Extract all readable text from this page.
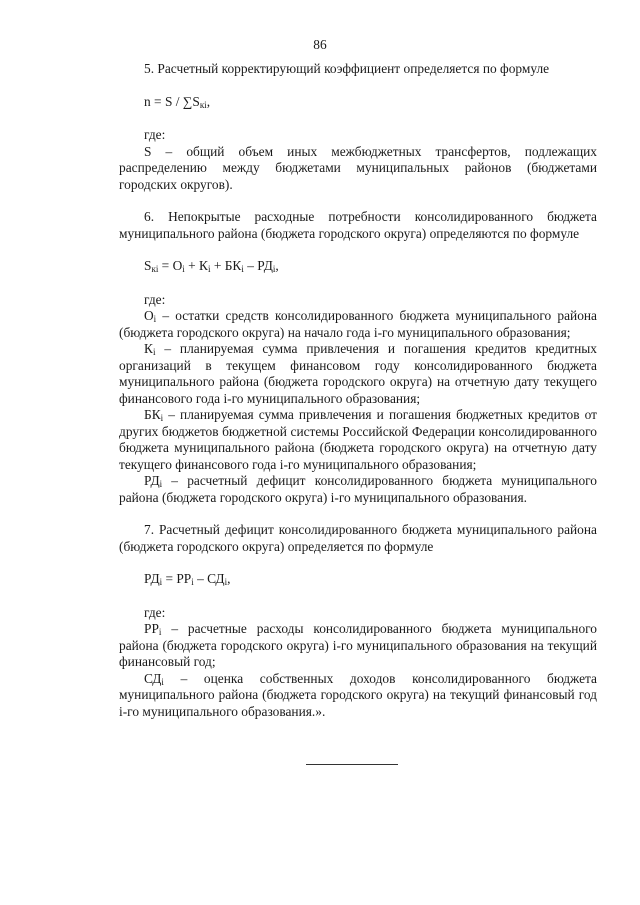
86

5. Расчетный корректирующий коэффициент определяется по формуле

$n = S / \sum S_{кi}$,

где:

S – общий объем иных межбюджетных трансфертов, подлежащих распределению между бюджетами муниципальных районов (бюджетами городских округов).

6. Непокрытые расходные потребности консолидированного бюджета муниципального района (бюджета городского округа) определяются по формуле

$S_{кi} = О_i + К_i + БК_i - РД_i$,

где:

$О_i$ – остатки средств консолидированного бюджета муниципального района (бюджета городского округа) на начало года i-го муниципального образования;

$К_i$ – планируемая сумма привлечения и погашения кредитов кредитных организаций в текущем финансовом году консолидированного бюджета муниципального района (бюджета городского округа) на отчетную дату текущего финансового года i-го муниципального образования;

$БК_i$ – планируемая сумма привлечения и погашения бюджетных кредитов от других бюджетов бюджетной системы Российской Федерации консолидированного бюджета муниципального района (бюджета городского округа) на отчетную дату текущего финансового года i-го муниципального образования;

$РД_i$ – расчетный дефицит консолидированного бюджета муниципального района (бюджета городского округа) i-го муниципального образования.

7. Расчетный дефицит консолидированного бюджета муниципального района (бюджета городского округа) определяется по формуле

$РД_i = РР_i - СД_i$,

где:

$РР_i$ – расчетные расходы консолидированного бюджета муниципального района (бюджета городского округа) i-го муниципального образования на текущий финансовый год;

$СД_i$ – оценка собственных доходов консолидированного бюджета муниципального района (бюджета городского округа) на текущий финансовый год i-го муниципального образования.».
